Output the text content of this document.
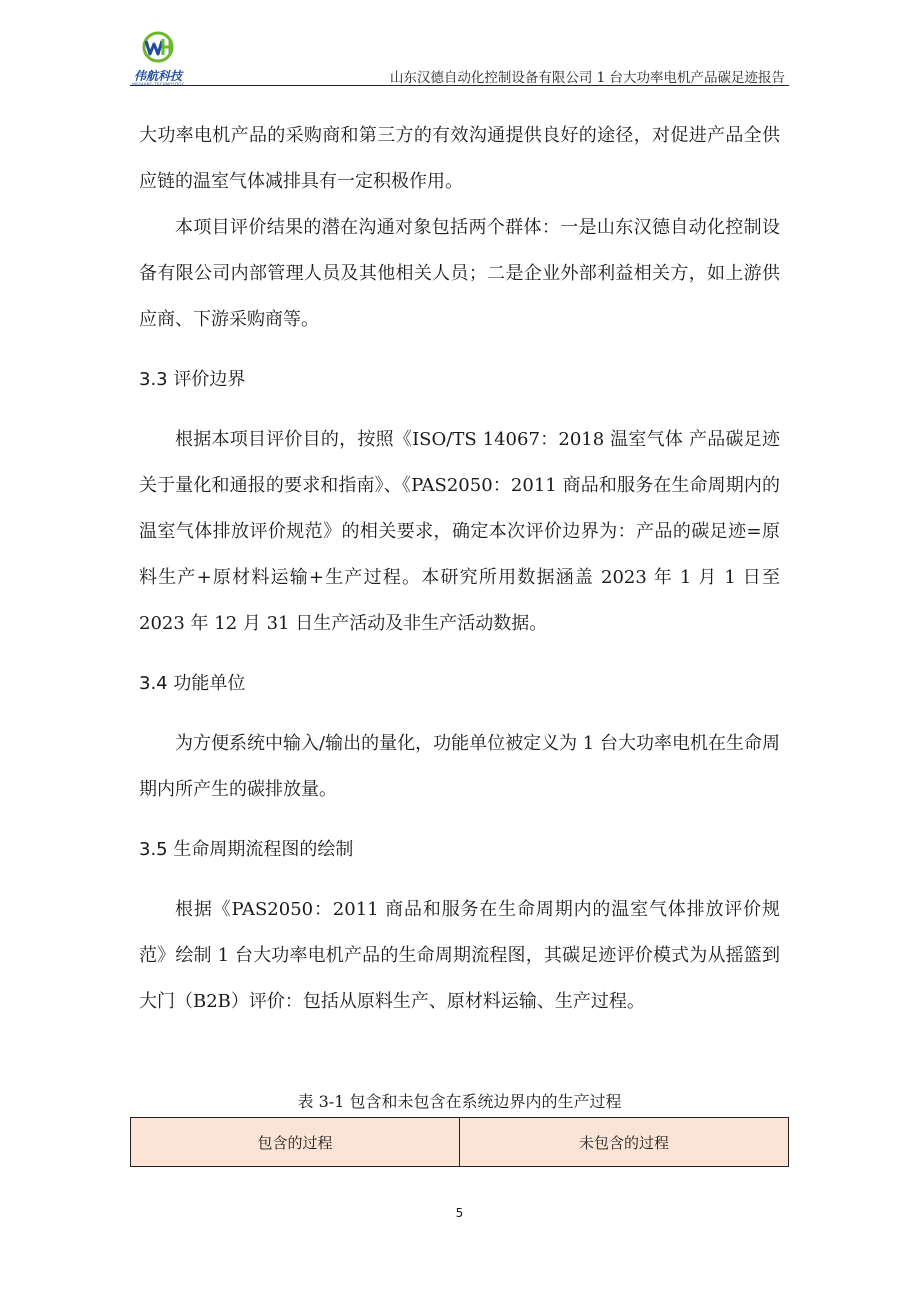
伟航科技
WEIHANG TECHNOLOGY	山东汉德自动化控制设备有限公司 1 台大功率电机产品碳足迹报告

大功率电机产品的采购商和第三方的有效沟通提供良好的途径，对促进产品全供应链的温室气体减排具有一定积极作用。

本项目评价结果的潜在沟通对象包括两个群体：一是山东汉德自动化控制设备有限公司内部管理人员及其他相关人员；二是企业外部利益相关方，如上游供应商、下游采购商等。

3.3 评价边界

根据本项目评价目的，按照《ISO/TS 14067：2018 温室气体 产品碳足迹关于量化和通报的要求和指南》、《PAS2050：2011 商品和服务在生命周期内的温室气体排放评价规范》的相关要求，确定本次评价边界为：产品的碳足迹=原料生产+原材料运输+生产过程。本研究所用数据涵盖 2023 年 1 月 1 日至 2023 年 12 月 31 日生产活动及非生产活动数据。

3.4 功能单位

为方便系统中输入/输出的量化，功能单位被定义为 1 台大功率电机在生命周期内所产生的碳排放量。

3.5 生命周期流程图的绘制

根据《PAS2050：2011 商品和服务在生命周期内的温室气体排放评价规范》绘制 1 台大功率电机产品的生命周期流程图，其碳足迹评价模式为从摇篮到大门（B2B）评价：包括从原料生产、原材料运输、生产过程。

表 3-1 包含和未包含在系统边界内的生产过程
包含的过程	未包含的过程
5
